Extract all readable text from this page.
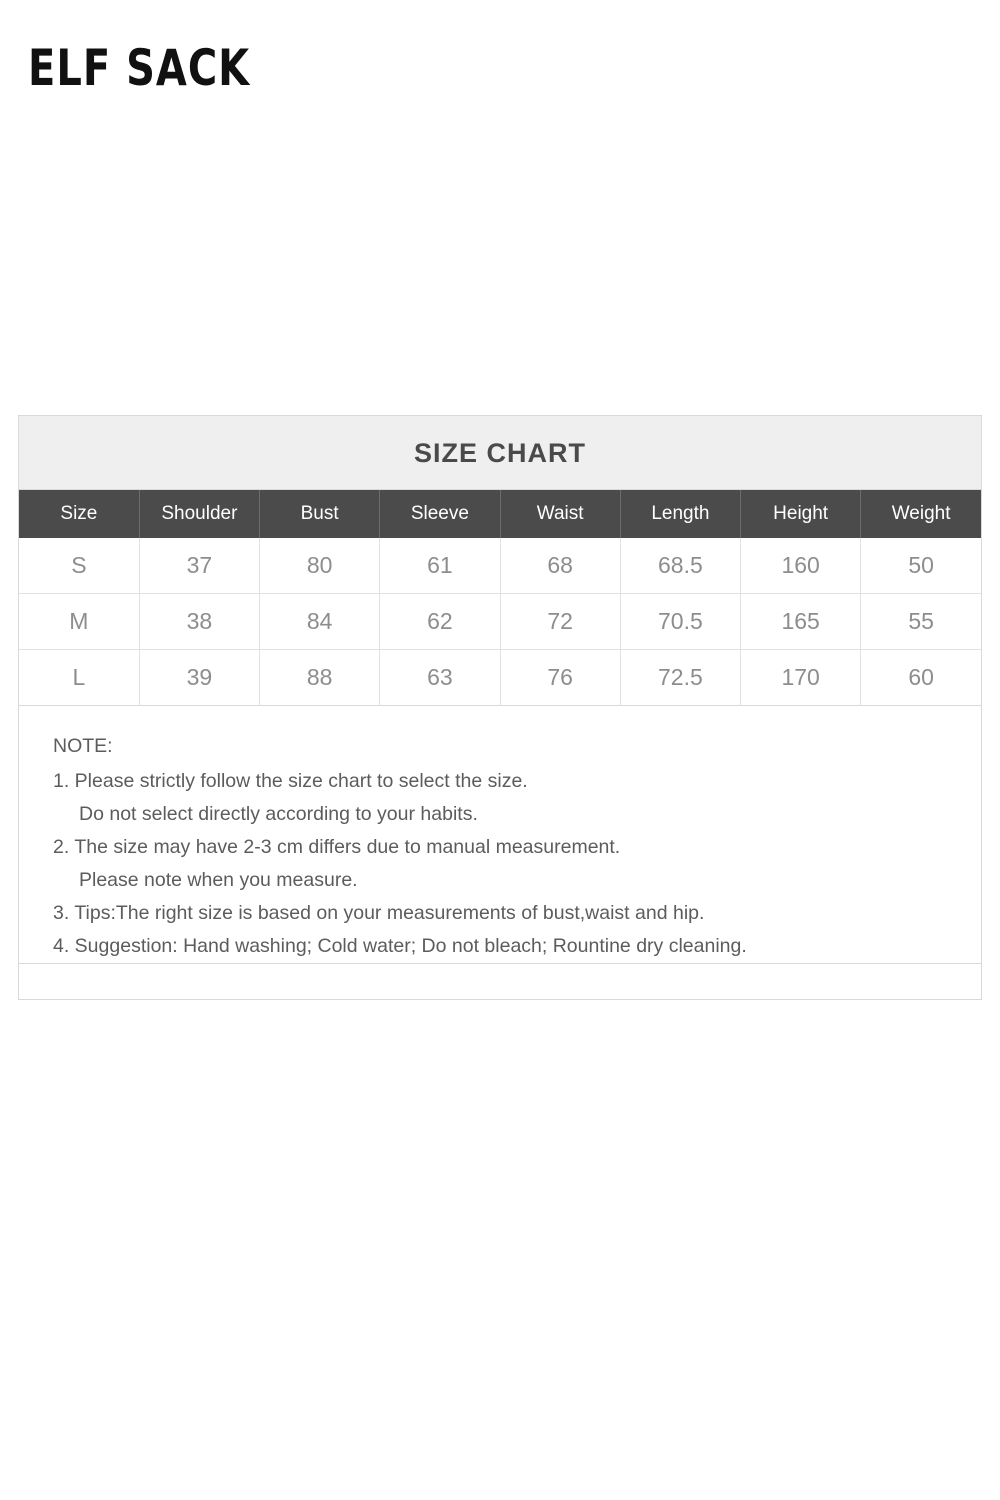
ELF SACK
SIZE CHART
Size	Shoulder	Bust	Sleeve	Waist	Length	Height	Weight
S	37	80	61	68	68.5	160	50
M	38	84	62	72	70.5	165	55
L	39	88	63	76	72.5	170	60
NOTE:
1. Please strictly follow the size chart to select the size.
Do not select directly according to your habits.
2. The size may have 2-3 cm differs due to manual measurement.
Please note when you measure.
3. Tips:The right size is based on your measurements of bust,waist and hip.
4. Suggestion: Hand washing; Cold water; Do not bleach; Rountine dry cleaning.
